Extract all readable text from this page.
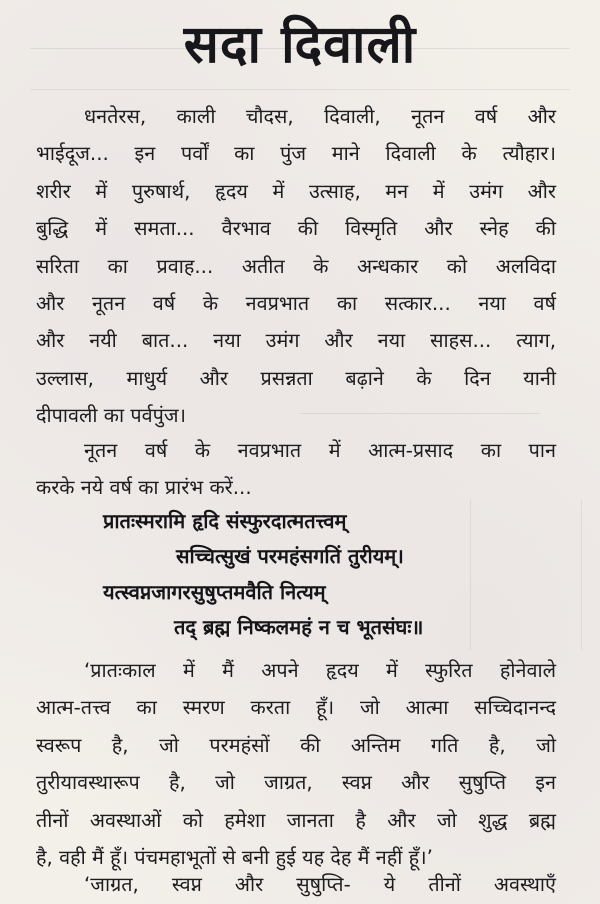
सदा दिवाली
धनतेरस, काली चौदस, दिवाली, नूतन वर्ष और
भाईदूज... इन पर्वों का पुंज माने दिवाली के त्यौहार।
शरीर में पुरुषार्थ, हृदय में उत्साह, मन में उमंग और
बुद्धि में समता... वैरभाव की विस्मृति और स्नेह की
सरिता का प्रवाह... अतीत के अन्धकार को अलविदा
और नूतन वर्ष के नवप्रभात का सत्कार... नया वर्ष
और नयी बात... नया उमंग और नया साहस... त्याग,
उल्लास, माधुर्य और प्रसन्नता बढ़ाने के दिन यानी
दीपावली का पर्वपुंज।
नूतन वर्ष के नवप्रभात में आत्म-प्रसाद का पान
करके नये वर्ष का प्रारंभ करें...
प्रातःस्मरामि हृदि संस्फुरदात्मतत्त्वम्
सच्चित्सुखं परमहंसगतिं तुरीयम्।
यत्स्वप्नजागरसुषुप्तमवैति नित्यम्
तद् ब्रह्म निष्कलमहं न च भूतसंघः॥
‘प्रातःकाल में मैं अपने हृदय में स्फुरित होनेवाले
आत्म-तत्त्व का स्मरण करता हूँ। जो आत्मा सच्चिदानन्द
स्वरूप है, जो परमहंसों की अन्तिम गति है, जो
तुरीयावस्थारूप है, जो जाग्रत, स्वप्न और सुषुप्ति इन
तीनों अवस्थाओं को हमेशा जानता है और जो शुद्ध ब्रह्म
है, वही मैं हूँ। पंचमहाभूतों से बनी हुई यह देह मैं नहीं हूँ।’
‘जाग्रत, स्वप्न और सुषुप्ति- ये तीनों अवस्थाएँ
